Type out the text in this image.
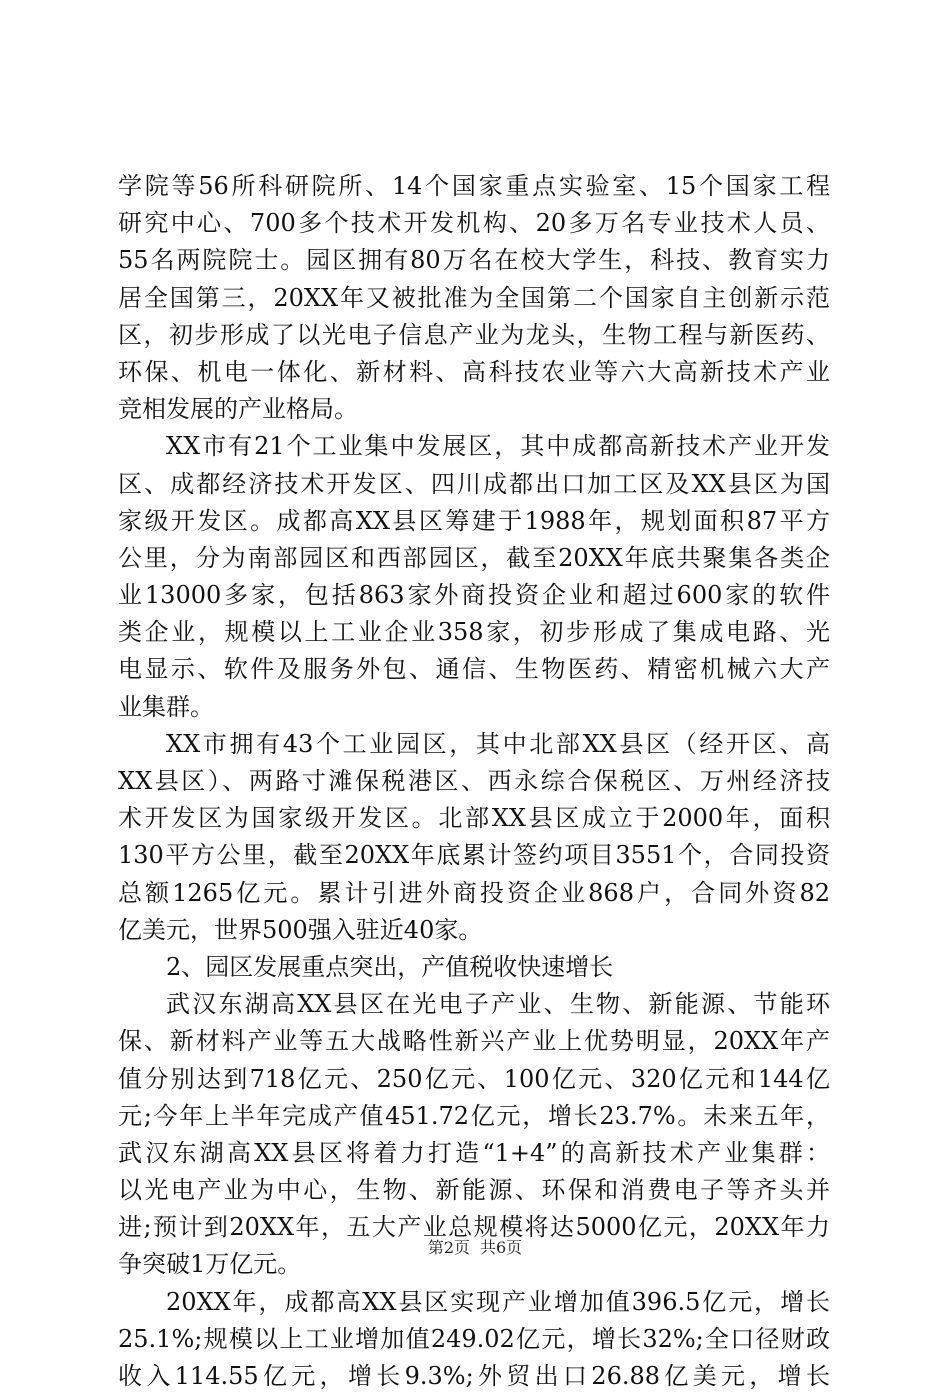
学院等56所科研院所、14个国家重点实验室、15个国家工程
研究中心、700多个技术开发机构、20多万名专业技术人员、
55名两院院士。园区拥有80万名在校大学生，科技、教育实力
居全国第三，20XX年又被批准为全国第二个国家自主创新示范
区，初步形成了以光电子信息产业为龙头，生物工程与新医药、
环保、机电一体化、新材料、高科技农业等六大高新技术产业
竞相发展的产业格局。
XX市有21个工业集中发展区，其中成都高新技术产业开发
区、成都经济技术开发区、四川成都出口加工区及XX县区为国
家级开发区。成都高XX县区筹建于1988年，规划面积87平方
公里，分为南部园区和西部园区，截至20XX年底共聚集各类企
业13000多家，包括863家外商投资企业和超过600家的软件
类企业，规模以上工业企业358家，初步形成了集成电路、光
电显示、软件及服务外包、通信、生物医药、精密机械六大产
业集群。
XX市拥有43个工业园区，其中北部XX县区（经开区、高
XX县区）、两路寸滩保税港区、西永综合保税区、万州经济技
术开发区为国家级开发区。北部XX县区成立于2000年，面积
130平方公里，截至20XX年底累计签约项目3551个，合同投资
总额1265亿元。累计引进外商投资企业868户，合同外资82
亿美元，世界500强入驻近40家。
2、园区发展重点突出，产值税收快速增长
武汉东湖高XX县区在光电子产业、生物、新能源、节能环
保、新材料产业等五大战略性新兴产业上优势明显，20XX年产
值分别达到718亿元、250亿元、100亿元、320亿元和144亿
元;今年上半年完成产值451.72亿元，增长23.7%。未来五年，
武汉东湖高XX县区将着力打造“1+4”的高新技术产业集群：
以光电产业为中心，生物、新能源、环保和消费电子等齐头并
进;预计到20XX年，五大产业总规模将达5000亿元，20XX年力
争突破1万亿元。
20XX年，成都高XX县区实现产业增加值396.5亿元，增长
25.1%;规模以上工业增加值249.02亿元，增长32%;全口径财政
收入114.55亿元，增长9.3%;外贸出口26.88亿美元，增长
第2页 共6页
